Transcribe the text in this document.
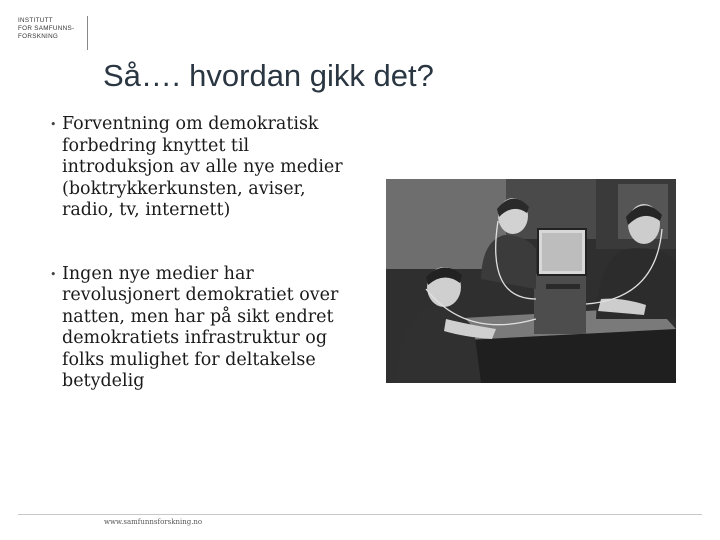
INSTITUTT
FOR SAMFUNNS-
FORSKNING
Så…. hvordan gikk det?
• Forventning om demokratisk forbedring knyttet til introduksjon av alle nye medier (boktrykkerkunsten, aviser, radio, tv, internett)
• Ingen nye medier har revolusjonert demokratiet over natten, men har på sikt endret demokratiets infrastruktur og folks mulighet for deltakelse betydelig
www.samfunnsforskning.no
